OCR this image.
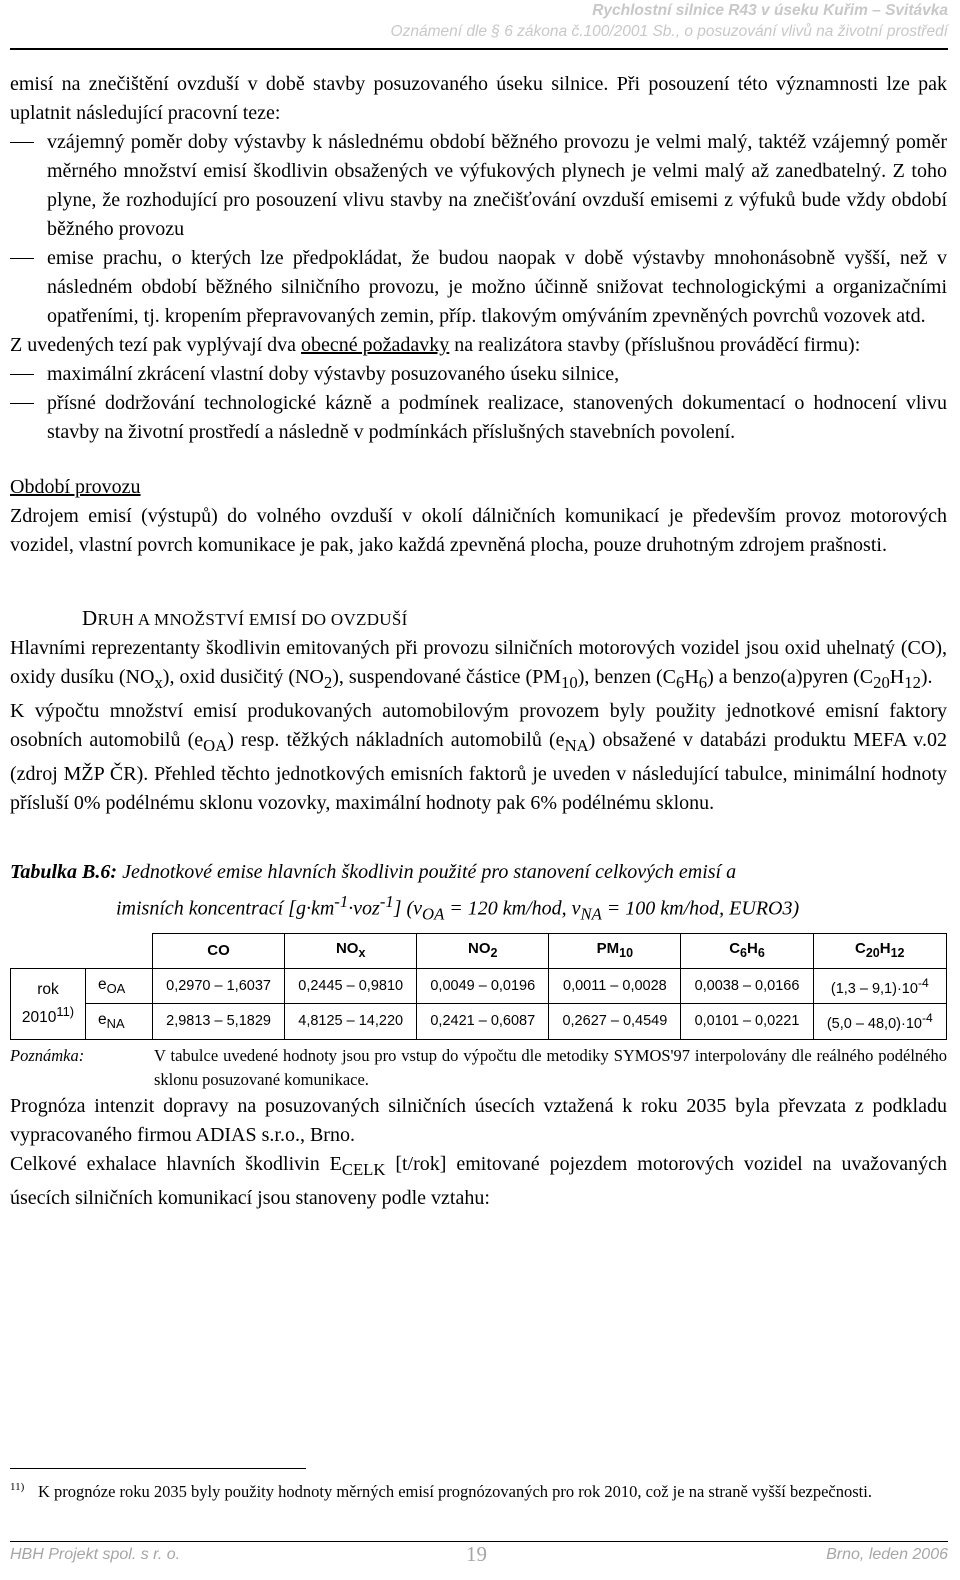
Rychlostní silnice R43 v úseku Kuřim – Svitávka
Oznámení dle § 6 zákona č.100/2001 Sb., o posuzování vlivů na životní prostředí

emisí na znečištění ovzduší v době stavby posuzovaného úseku silnice. Při posouzení této významnosti lze pak uplatnit následující pracovní teze:

vzájemný poměr doby výstavby k následnému období běžného provozu je velmi malý, taktéž vzájemný poměr měrného množství emisí škodlivin obsažených ve výfukových plynech je velmi malý až zanedbatelný. Z toho plyne, že rozhodující pro posouzení vlivu stavby na znečišťování ovzduší emisemi z výfuků bude vždy období běžného provozu

emise prachu, o kterých lze předpokládat, že budou naopak v době výstavby mnohonásobně vyšší, než v následném období běžného silničního provozu, je možno účinně snižovat technologickými a organizačními opatřeními, tj. kropením přepravovaných zemin, příp. tlakovým omýváním zpevněných povrchů vozovek atd.

Z uvedených tezí pak vyplývají dva obecné požadavky na realizátora stavby (příslušnou prováděcí firmu):

maximální zkrácení vlastní doby výstavby posuzovaného úseku silnice,

přísné dodržování technologické kázně a podmínek realizace, stanovených dokumentací o hodnocení vlivu stavby na životní prostředí a následně v podmínkách příslušných stavebních povolení.

Období provozu

Zdrojem emisí (výstupů) do volného ovzduší v okolí dálničních komunikací je především provoz motorových vozidel, vlastní povrch komunikace je pak, jako každá zpevněná plocha, pouze druhotným zdrojem prašnosti.

DRUH A MNOŽSTVÍ EMISÍ DO OVZDUŠÍ

Hlavními reprezentanty škodlivin emitovaných při provozu silničních motorových vozidel jsou oxid uhelnatý (CO), oxidy dusíku $(NO_x)$, oxid dusičitý $(NO_2)$, suspendované částice $(PM_{10})$, benzen $(C_6H_6)$ a benzo(a)pyren $(C_{20}H_{12})$.

K výpočtu množství emisí produkovaných automobilovým provozem byly použity jednotkové emisní faktory osobních automobilů $(e_{OA})$ resp. těžkých nákladních automobilů $(e_{NA})$ obsažené v databázi produktu MEFA v.02 (zdroj MŽP ČR). Přehled těchto jednotkových emisních faktorů je uveden v následující tabulce, minimální hodnoty přísluší 0% podélnému sklonu vozovky, maximální hodnoty pak 6% podélnému sklonu.

Tabulka B.6: Jednotkové emise hlavních škodlivin použité pro stanovení celkových emisí a
imisních koncentrací $[g\cdot km^{-1}\cdot voz^{-1}] (v_{OA} = 120$ km/hod, $v_{NA} = 100$ km/hod, EURO3)
		CO	$NO_x$	$NO_2$	$PM_{10}$	$C_6H_6$	$C_{20}H_{12}$
rok 2010$^{11)}$	$e_{OA}$	0,2970 – 1,6037	0,2445 – 0,9810	0,0049 – 0,0196	0,0011 – 0,0028	0,0038 – 0,0166	$(1,3 - 9,1)\cdot 10^{-4}$
	$e_{NA}$	2,9813 – 5,1829	4,8125 – 14,220	0,2421 – 0,6087	0,2627 – 0,4549	0,0101 – 0,0221	$(5,0 - 48,0)\cdot 10^{-4}$
Poznámka:	V tabulce uvedené hodnoty jsou pro vstup do výpočtu dle metodiky SYMOS'97 interpolovány dle reálného podélného sklonu posuzované komunikace.

Prognóza intenzit dopravy na posuzovaných silničních úsecích vztažená k roku 2035 byla převzata z podkladu vypracovaného firmou ADIAS s.r.o., Brno.

Celkové exhalace hlavních škodlivin $E_{CELK}$ [t/rok] emitované pojezdem motorových vozidel na uvažovaných úsecích silničních komunikací jsou stanoveny podle vztahu:

11) K prognóze roku 2035 byly použity hodnoty měrných emisí prognózovaných pro rok 2010, což je na straně vyšší bezpečnosti.
HBH Projekt spol. s r. o.	19	Brno, leden 2006
